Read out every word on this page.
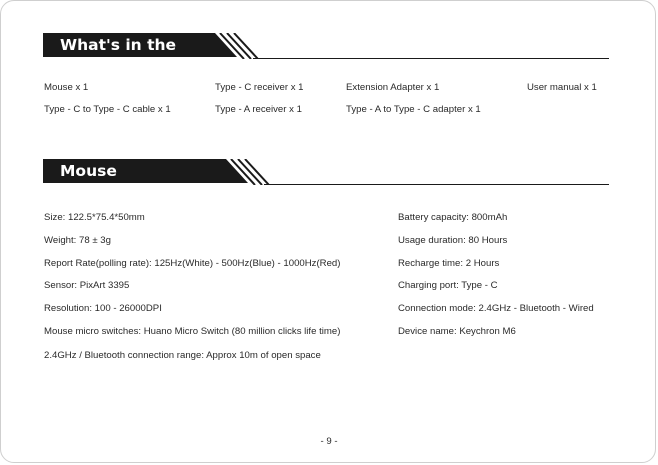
What's in the box
Mouse x 1	Type - C receiver x 1	Extension Adapter x 1	User manual x 1
Type - C to Type - C cable x 1	Type - A receiver x 1	Type - A to Type - C adapter x 1
Mouse specification
Size: 122.5*75.4*50mm
Weight: 78 ± 3g
Report Rate(polling rate): 125Hz(White) - 500Hz(Blue) - 1000Hz(Red)
Sensor: PixArt 3395
Resolution: 100 - 26000DPI
Mouse micro switches: Huano Micro Switch (80 million clicks life time)
2.4GHz / Bluetooth connection range: Approx 10m of open space
Battery capacity: 800mAh
Usage duration: 80 Hours
Recharge time: 2 Hours
Charging port: Type - C
Connection mode: 2.4GHz - Bluetooth - Wired
Device name: Keychron M6
- 9 -
